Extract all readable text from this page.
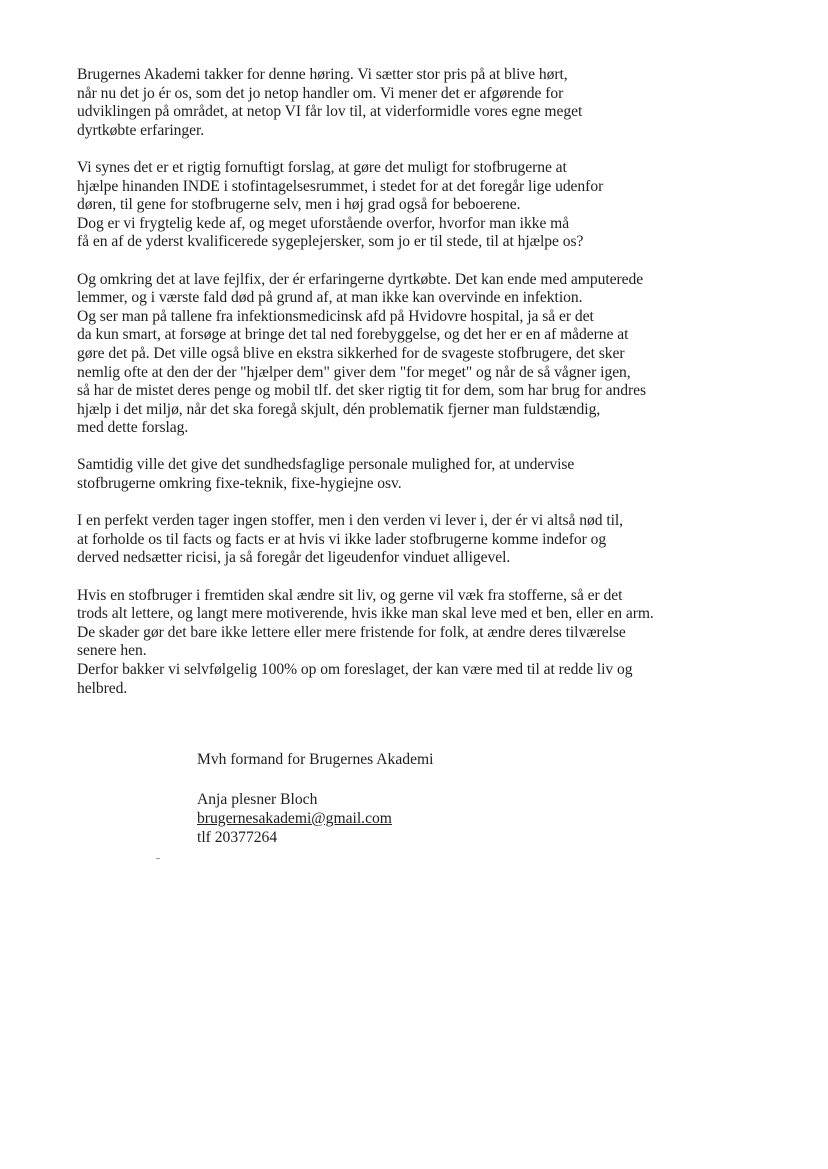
Brugernes Akademi takker for denne høring. Vi sætter stor pris på at blive hørt,
når nu det jo ér os, som det jo netop handler om. Vi mener det er afgørende for
udviklingen på området, at netop VI får lov til, at viderformidle vores egne meget
dyrtkøbte erfaringer.

Vi synes det er et rigtig fornuftigt forslag, at gøre det muligt for stofbrugerne at
hjælpe hinanden INDE i stofintagelsesrummet, i stedet for at det foregår lige udenfor
døren, til gene for stofbrugerne selv, men i høj grad også for beboerene.
Dog er vi frygtelig kede af, og meget uforstående overfor, hvorfor man ikke må
få en af de yderst kvalificerede sygeplejersker, som jo er til stede, til at hjælpe os?

Og omkring det at lave fejlfix, der ér erfaringerne dyrtkøbte. Det kan ende med amputerede
lemmer, og i værste fald død på grund af, at man ikke kan overvinde en infektion.
Og ser man på tallene fra infektionsmedicinsk afd på Hvidovre hospital, ja så er det
da kun smart, at forsøge at bringe det tal ned forebyggelse, og det her er en af måderne at
gøre det på. Det ville også blive en ekstra sikkerhed for de svageste stofbrugere, det sker
nemlig ofte at den der der "hjælper dem" giver dem "for meget" og når de så vågner igen,
så har de mistet deres penge og mobil tlf. det sker rigtig tit for dem, som har brug for andres
hjælp i det miljø, når det ska foregå skjult, dén problematik fjerner man fuldstændig,
med dette forslag.

Samtidig ville det give det sundhedsfaglige personale mulighed for, at undervise
stofbrugerne omkring fixe-teknik, fixe-hygiejne osv.

I en perfekt verden tager ingen stoffer, men i den verden vi lever i, der ér vi altså nød til,
at forholde os til facts og facts er at hvis vi ikke lader stofbrugerne komme indefor og
derved nedsætter ricisi, ja så foregår det ligeudenfor vinduet alligevel.

Hvis en stofbruger i fremtiden skal ændre sit liv, og gerne vil væk fra stofferne, så er det
trods alt lettere, og langt mere motiverende, hvis ikke man skal leve med et ben, eller en arm.
De skader gør det bare ikke lettere eller mere fristende for folk, at ændre deres tilværelse
senere hen.
Derfor bakker vi selvfølgelig 100% op om foreslaget, der kan være med til at redde liv og
helbred.

Mvh formand for Brugernes Akademi
Anja plesner Bloch
brugernesakademi@gmail.com
tlf 20377264
